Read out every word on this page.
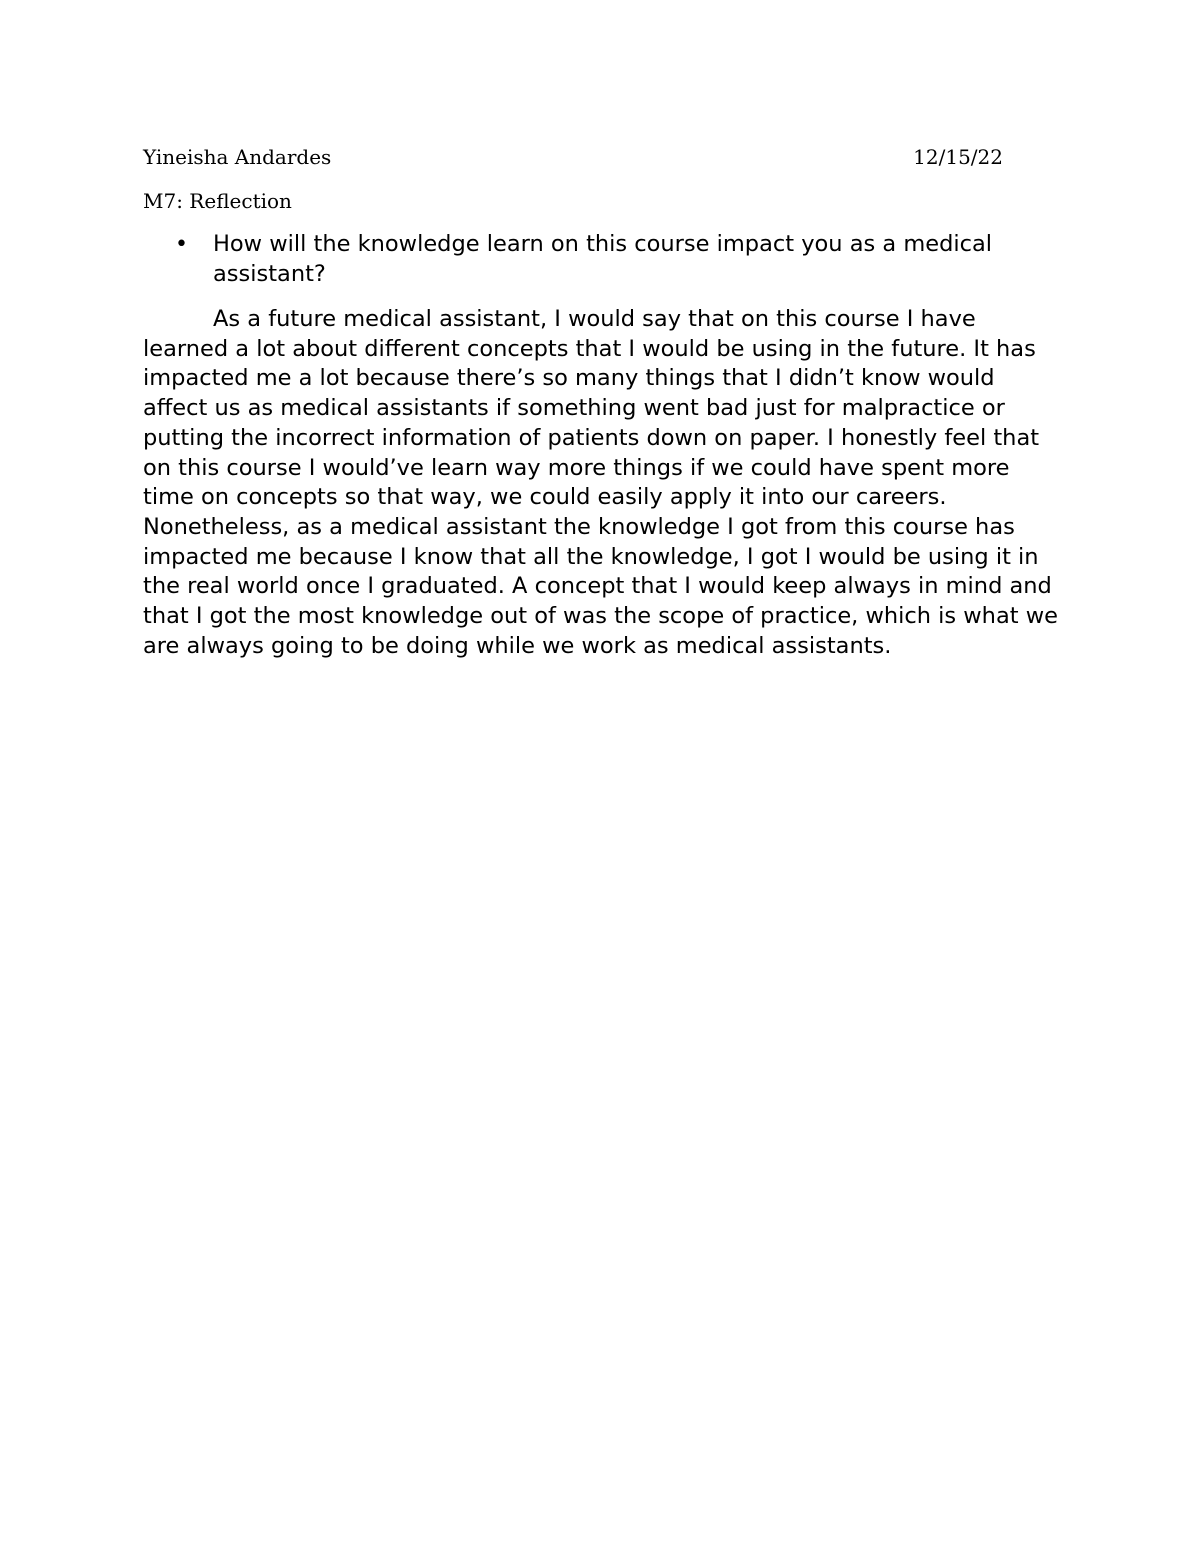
Yineisha Andardes	12/15/22
M7: Reflection
•	How will the knowledge learn on this course impact you as a medical assistant?
As a future medical assistant, I would say that on this course I have learned a lot about different concepts that I would be using in the future. It has impacted me a lot because there’s so many things that I didn’t know would affect us as medical assistants if something went bad just for malpractice or putting the incorrect information of patients down on paper. I honestly feel that on this course I would’ve learn way more things if we could have spent more time on concepts so that way, we could easily apply it into our careers. Nonetheless, as a medical assistant the knowledge I got from this course has impacted me because I know that all the knowledge, I got I would be using it in the real world once I graduated. A concept that I would keep always in mind and that I got the most knowledge out of was the scope of practice, which is what we are always going to be doing while we work as medical assistants.
